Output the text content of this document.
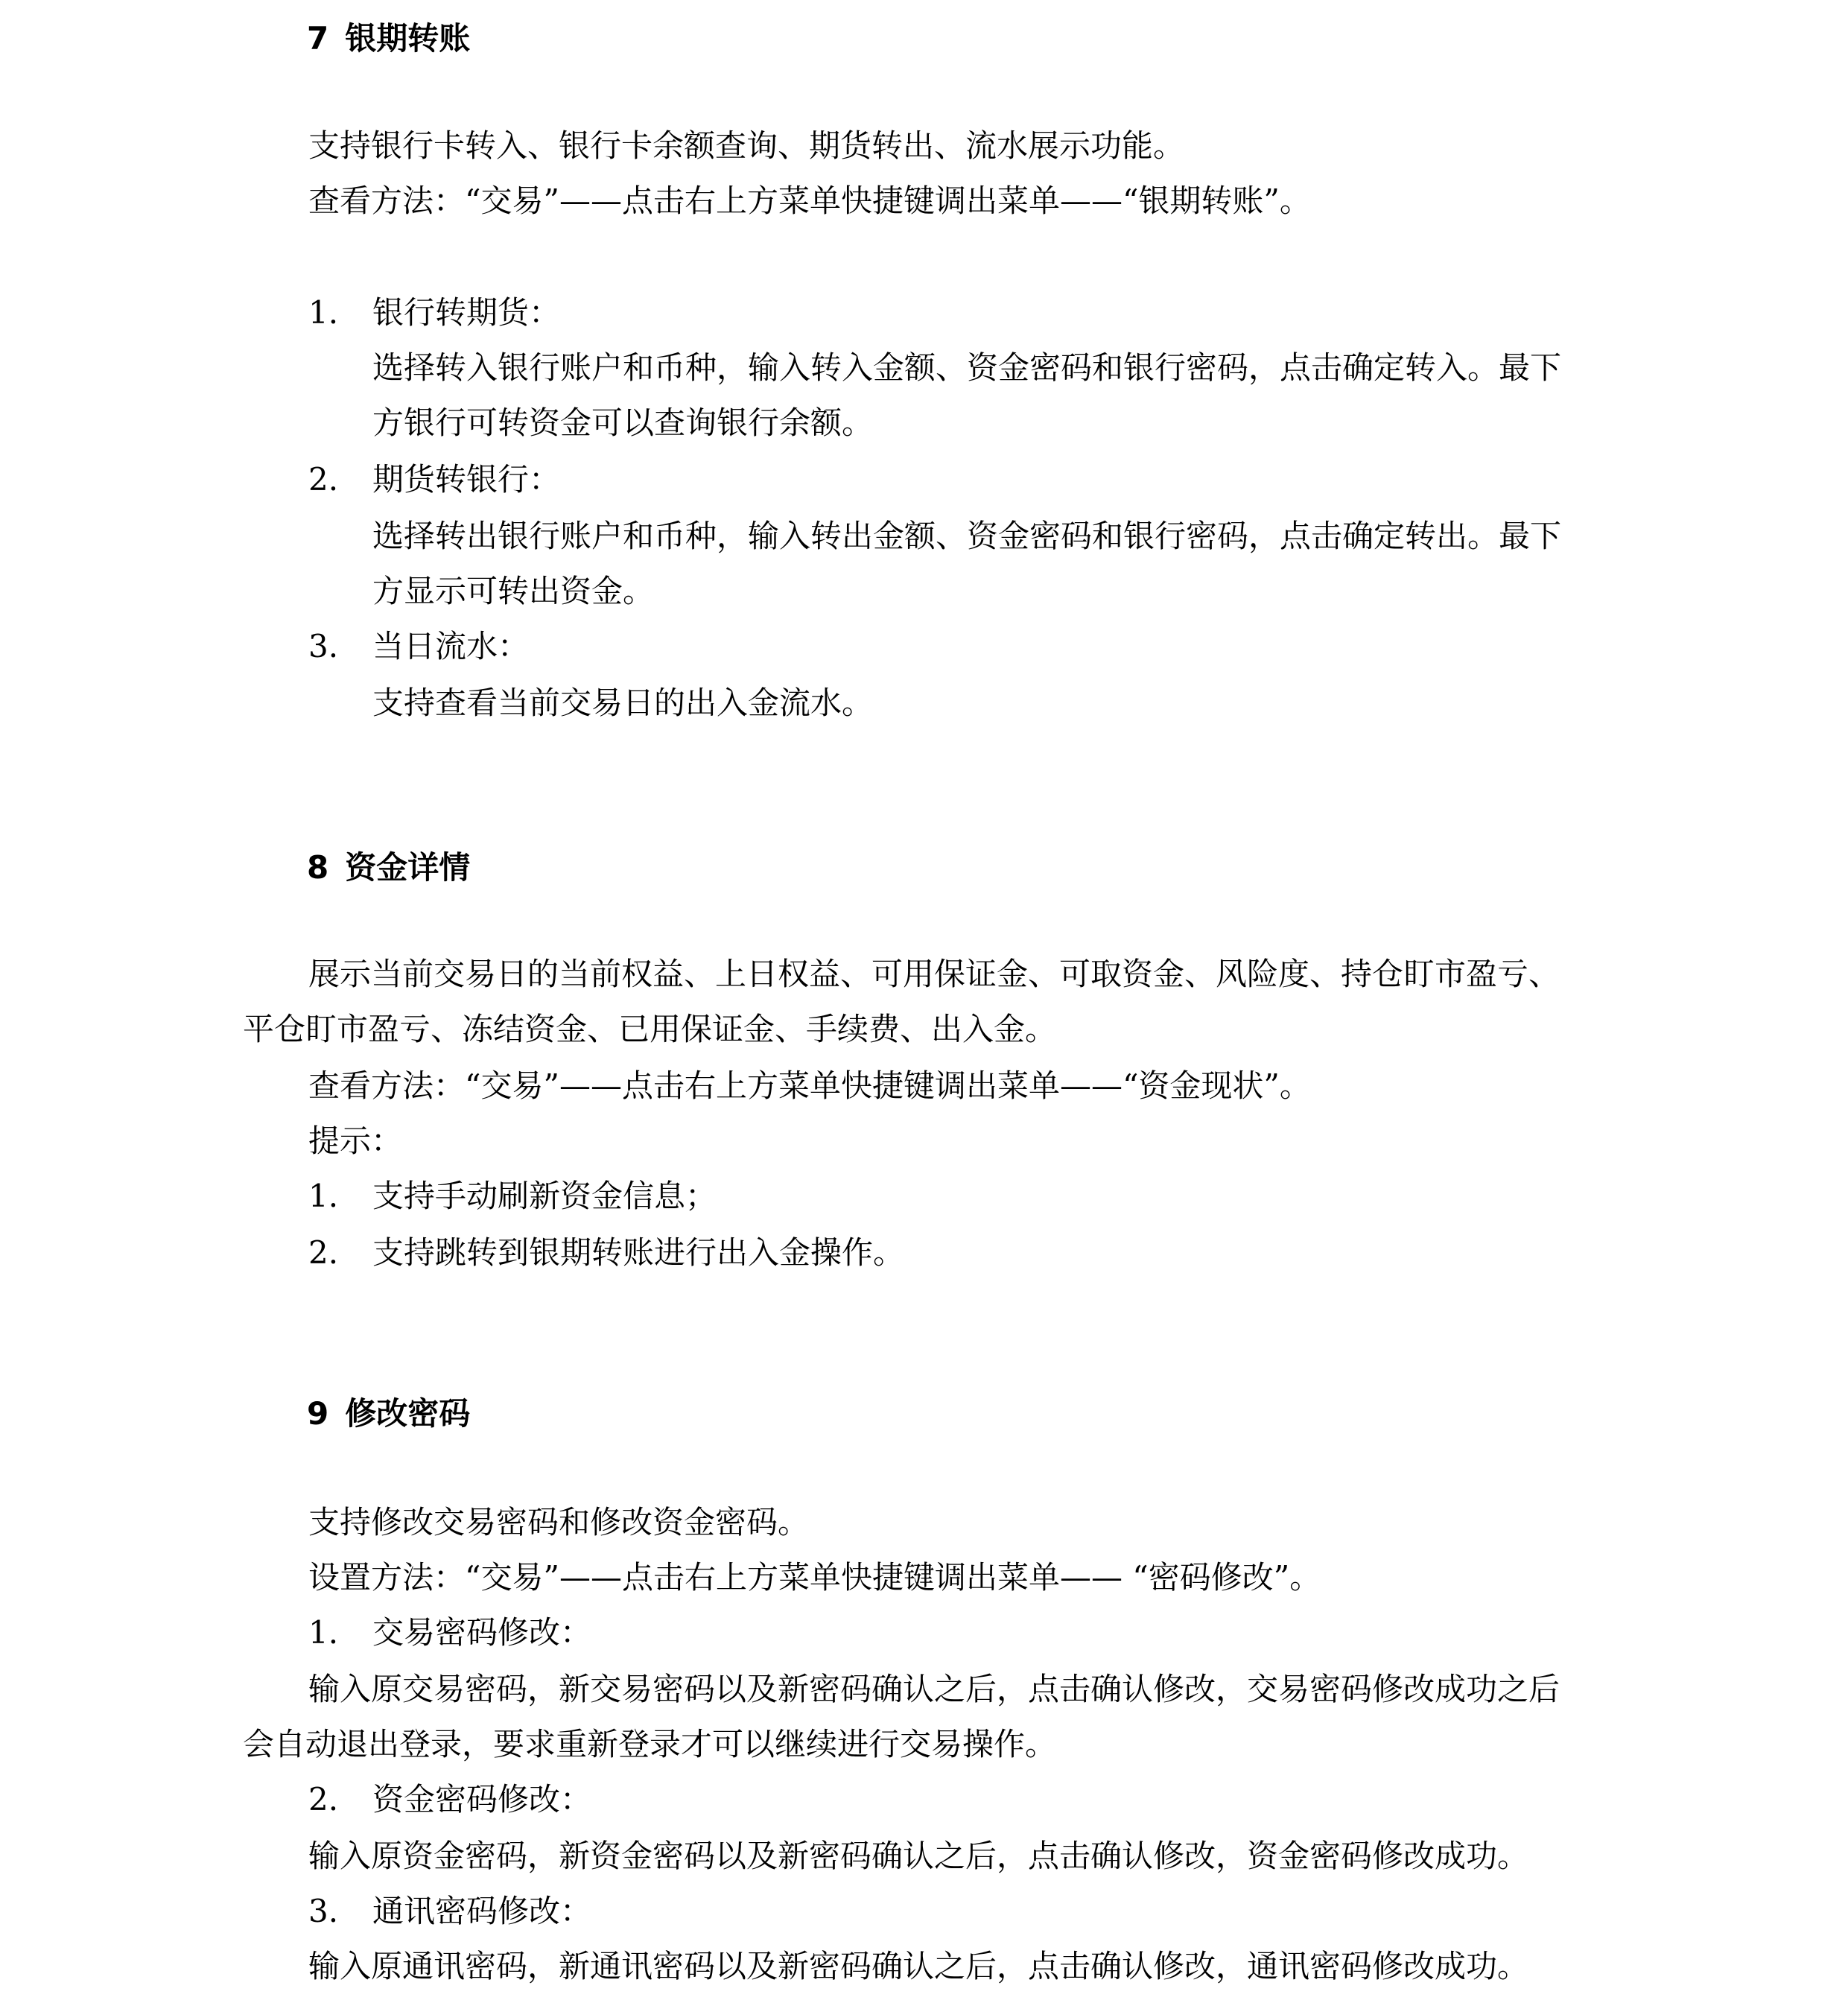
7 银期转账
支持银行卡转入、银行卡余额查询、期货转出、流水展示功能。
查看方法：“交易”——点击右上方菜单快捷键调出菜单——“银期转账”。
1. 银行转期货：
选择转入银行账户和币种，输入转入金额、资金密码和银行密码，点击确定转入。最下
方银行可转资金可以查询银行余额。
2. 期货转银行：
选择转出银行账户和币种，输入转出金额、资金密码和银行密码，点击确定转出。最下
方显示可转出资金。
3. 当日流水：
支持查看当前交易日的出入金流水。
8 资金详情
展示当前交易日的当前权益、上日权益、可用保证金、可取资金、风险度、持仓盯市盈亏、
平仓盯市盈亏、冻结资金、已用保证金、手续费、出入金。
查看方法：“交易”——点击右上方菜单快捷键调出菜单——“资金现状”。
提示：
1. 支持手动刷新资金信息；
2. 支持跳转到银期转账进行出入金操作。
9 修改密码
支持修改交易密码和修改资金密码。
设置方法：“交易”——点击右上方菜单快捷键调出菜单—— “密码修改”。
1. 交易密码修改：
输入原交易密码，新交易密码以及新密码确认之后，点击确认修改，交易密码修改成功之后
会自动退出登录，要求重新登录才可以继续进行交易操作。
2. 资金密码修改：
输入原资金密码，新资金密码以及新密码确认之后，点击确认修改，资金密码修改成功。
3. 通讯密码修改：
输入原通讯密码，新通讯密码以及新密码确认之后，点击确认修改，通讯密码修改成功。
